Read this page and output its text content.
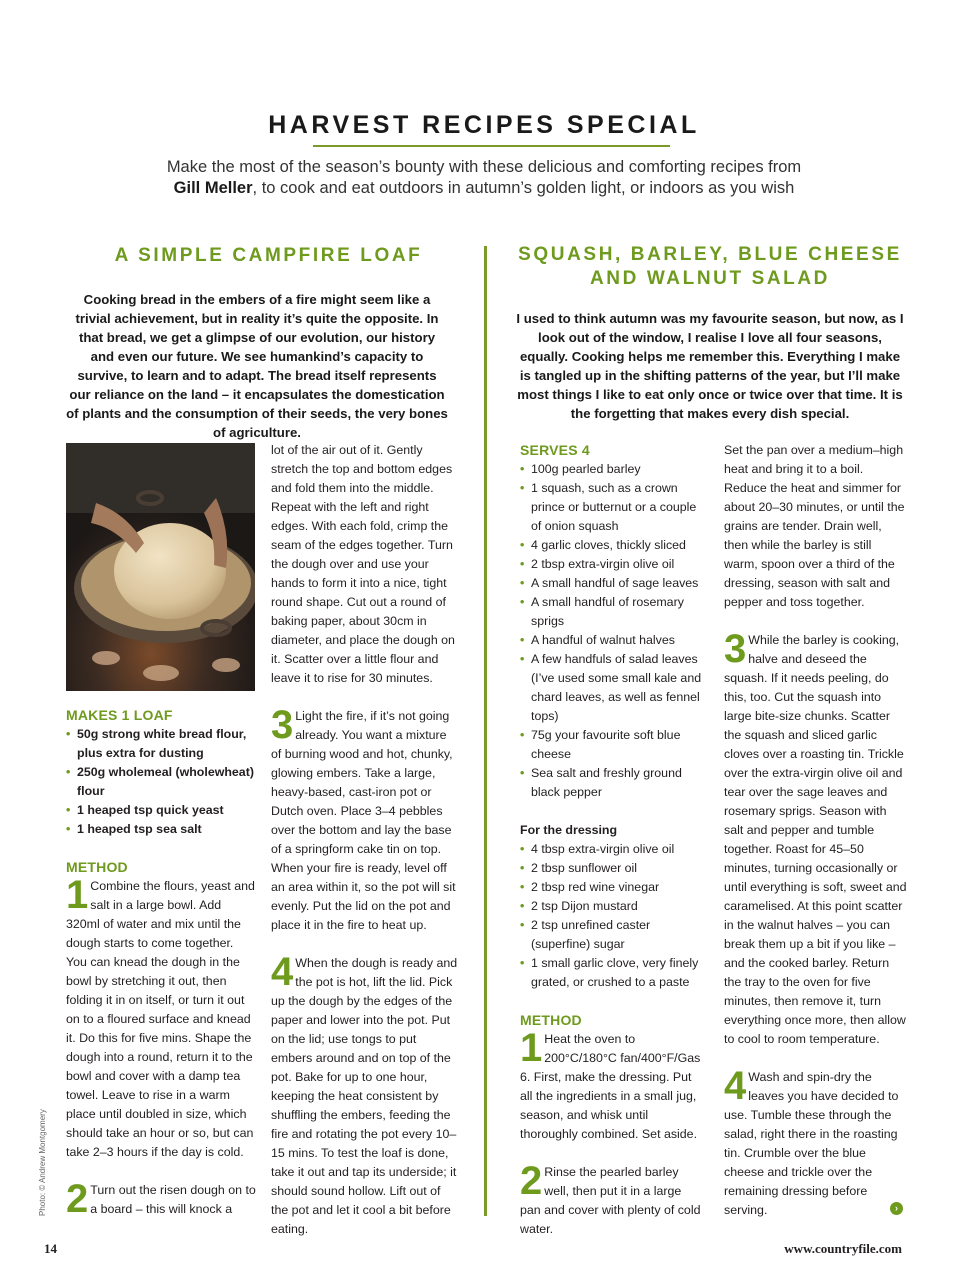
HARVEST RECIPES SPECIAL
Make the most of the season’s bounty with these delicious and comforting recipes from
Gill Meller, to cook and eat outdoors in autumn’s golden light, or indoors as you wish
A SIMPLE CAMPFIRE LOAF
Cooking bread in the embers of a fire might seem like a trivial achievement, but in reality it’s quite the opposite. In that bread, we get a glimpse of our evolution, our history and even our future. We see humankind’s capacity to survive, to learn and to adapt. The bread itself represents our reliance on the land – it encapsulates the domestication of plants and the consumption of their seeds, the very bones of agriculture.
MAKES 1 LOAF
• 50g strong white bread flour, plus extra for dusting
• 250g wholemeal (wholewheat) flour
• 1 heaped tsp quick yeast
• 1 heaped tsp sea salt
METHOD
1 Combine the flours, yeast and salt in a large bowl. Add 320ml of water and mix until the dough starts to come together. You can knead the dough in the bowl by stretching it out, then folding it in on itself, or turn it out on to a floured surface and knead it. Do this for five mins. Shape the dough into a round, return it to the bowl and cover with a damp tea towel. Leave to rise in a warm place until doubled in size, which should take an hour or so, but can take 2–3 hours if the day is cold.
2 Turn out the risen dough on to a board – this will knock a
lot of the air out of it. Gently stretch the top and bottom edges and fold them into the middle. Repeat with the left and right edges. With each fold, crimp the seam of the edges together. Turn the dough over and use your hands to form it into a nice, tight round shape. Cut out a round of baking paper, about 30cm in diameter, and place the dough on it. Scatter over a little flour and leave it to rise for 30 minutes.
3 Light the fire, if it’s not going already. You want a mixture of burning wood and hot, chunky, glowing embers. Take a large, heavy-based, cast-iron pot or Dutch oven. Place 3–4 pebbles over the bottom and lay the base of a springform cake tin on top. When your fire is ready, level off an area within it, so the pot will sit evenly. Put the lid on the pot and place it in the fire to heat up.
4 When the dough is ready and the pot is hot, lift the lid. Pick up the dough by the edges of the paper and lower into the pot. Put on the lid; use tongs to put embers around and on top of the pot. Bake for up to one hour, keeping the heat consistent by shuffling the embers, feeding the fire and rotating the pot every 10–15 mins. To test the loaf is done, take it out and tap its underside; it should sound hollow. Lift out of the pot and let it cool a bit before eating.
SQUASH, BARLEY, BLUE CHEESE
AND WALNUT SALAD
I used to think autumn was my favourite season, but now, as I look out of the window, I realise I love all four seasons, equally. Cooking helps me remember this. Everything I make is tangled up in the shifting patterns of the year, but I’ll make most things I like to eat only once or twice over that time. It is the forgetting that makes every dish special.
SERVES 4
• 100g pearled barley
• 1 squash, such as a crown prince or butternut or a couple of onion squash
• 4 garlic cloves, thickly sliced
• 2 tbsp extra-virgin olive oil
• A small handful of sage leaves
• A small handful of rosemary sprigs
• A handful of walnut halves
• A few handfuls of salad leaves (I’ve used some small kale and chard leaves, as well as fennel tops)
• 75g your favourite soft blue cheese
• Sea salt and freshly ground black pepper
For the dressing
• 4 tbsp extra-virgin olive oil
• 2 tbsp sunflower oil
• 2 tbsp red wine vinegar
• 2 tsp Dijon mustard
• 2 tsp unrefined caster (superfine) sugar
• 1 small garlic clove, very finely grated, or crushed to a paste
METHOD
1 Heat the oven to 200°C/180°C fan/400°F/Gas 6. First, make the dressing. Put all the ingredients in a small jug, season, and whisk until thoroughly combined. Set aside.
2 Rinse the pearled barley well, then put it in a large pan and cover with plenty of cold water.
Set the pan over a medium–high heat and bring it to a boil. Reduce the heat and simmer for about 20–30 minutes, or until the grains are tender. Drain well, then while the barley is still warm, spoon over a third of the dressing, season with salt and pepper and toss together.
3 While the barley is cooking, halve and deseed the squash. If it needs peeling, do this, too. Cut the squash into large bite-size chunks. Scatter the squash and sliced garlic cloves over a roasting tin. Trickle over the extra-virgin olive oil and tear over the sage leaves and rosemary sprigs. Season with salt and pepper and tumble together. Roast for 45–50 minutes, turning occasionally or until everything is soft, sweet and caramelised. At this point scatter in the walnut halves – you can break them up a bit if you like – and the cooked barley. Return the tray to the oven for five minutes, then remove it, turn everything once more, then allow to cool to room temperature.
4 Wash and spin-dry the leaves you have decided to use. Tumble these through the salad, right there in the roasting tin. Crumble over the blue cheese and trickle over the remaining dressing before serving.	›
Photo: © Andrew Montgomery
14	www.countryfile.com
